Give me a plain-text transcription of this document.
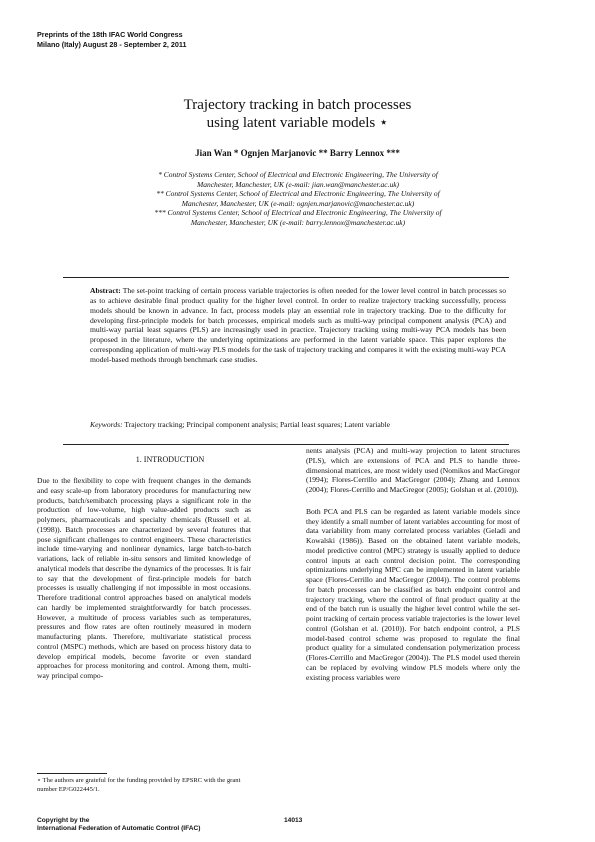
Preprints of the 18th IFAC World Congress
Milano (Italy) August 28 - September 2, 2011
Trajectory tracking in batch processes
using latent variable models ⋆
Jian Wan * Ognjen Marjanovic ** Barry Lennox ***

* Control Systems Center, School of Electrical and Electronic Engineering, The University of Manchester, Manchester, UK (e-mail: jian.wan@manchester.ac.uk)

** Control Systems Center, School of Electrical and Electronic Engineering, The University of Manchester, Manchester, UK (e-mail: ognjen.marjanovic@manchester.ac.uk)

*** Control Systems Center, School of Electrical and Electronic Engineering, The University of Manchester, Manchester, UK (e-mail: barry.lennox@manchester.ac.uk)

Abstract: The set-point tracking of certain process variable trajectories is often needed for the lower level control in batch processes so as to achieve desirable final product quality for the higher level control. In order to realize trajectory tracking successfully, process models should be known in advance. In fact, process models play an essential role in trajectory tracking. Due to the difficulty for developing first-principle models for batch processes, empirical models such as multi-way principal component analysis (PCA) and multi-way partial least squares (PLS) are increasingly used in practice. Trajectory tracking using multi-way PCA models has been proposed in the literature, where the underlying optimizations are performed in the latent variable space. This paper explores the corresponding application of multi-way PLS models for the task of trajectory tracking and compares it with the existing multi-way PCA model-based methods through benchmark case studies.
Keywords: Trajectory tracking; Principal component analysis; Partial least squares; Latent variable
1. INTRODUCTION

Due to the flexibility to cope with frequent changes in the demands and easy scale-up from laboratory procedures for manufacturing new products, batch/semibatch processing plays a significant role in the production of low-volume, high value-added products such as polymers, pharmaceuticals and specialty chemicals (Russell et al. (1998)). Batch processes are characterized by several features that pose significant challenges to control engineers. These characteristics include time-varying and nonlinear dynamics, large batch-to-batch variations, lack of reliable in-situ sensors and limited knowledge of analytical models that describe the dynamics of the processes. It is fair to say that the development of first-principle models for batch processes is usually challenging if not impossible in most occasions. Therefore traditional control approaches based on analytical models can hardly be implemented straightforwardly for batch processes. However, a multitude of process variables such as temperatures, pressures and flow rates are often routinely measured in modern manufacturing plants. Therefore, multivariate statistical process control (MSPC) methods, which are based on process history data to develop empirical models, become favorite or even standard approaches for process monitoring and control. Among them, multi-way principal compo-

nents analysis (PCA) and multi-way projection to latent structures (PLS), which are extensions of PCA and PLS to handle three-dimensional matrices, are most widely used (Nomikos and MacGregor (1994); Flores-Cerrillo and MacGregor (2004); Zhang and Lennox (2004); Flores-Cerrillo and MacGregor (2005); Golshan et al. (2010)).

Both PCA and PLS can be regarded as latent variable models since they identify a small number of latent variables accounting for most of data variability from many correlated process variables (Geladi and Kowalski (1986)). Based on the obtained latent variable models, model predictive control (MPC) strategy is usually applied to deduce control inputs at each control decision point. The corresponding optimizations underlying MPC can be implemented in latent variable space (Flores-Cerrillo and MacGregor (2004)). The control problems for batch processes can be classified as batch endpoint control and trajectory tracking, where the control of final product quality at the end of the batch run is usually the higher level control while the set-point tracking of certain process variable trajectories is the lower level control (Golshan et al. (2010)). For batch endpoint control, a PLS model-based control scheme was proposed to regulate the final product quality for a simulated condensation polymerization process (Flores-Cerrillo and MacGregor (2004)). The PLS model used therein can be replaced by evolving window PLS models where only the existing process variables were

⋆ The authors are grateful for the funding provided by EPSRC with the grant number EP/G022445/1.
Copyright by the
International Federation of Automatic Control (IFAC)
14013
